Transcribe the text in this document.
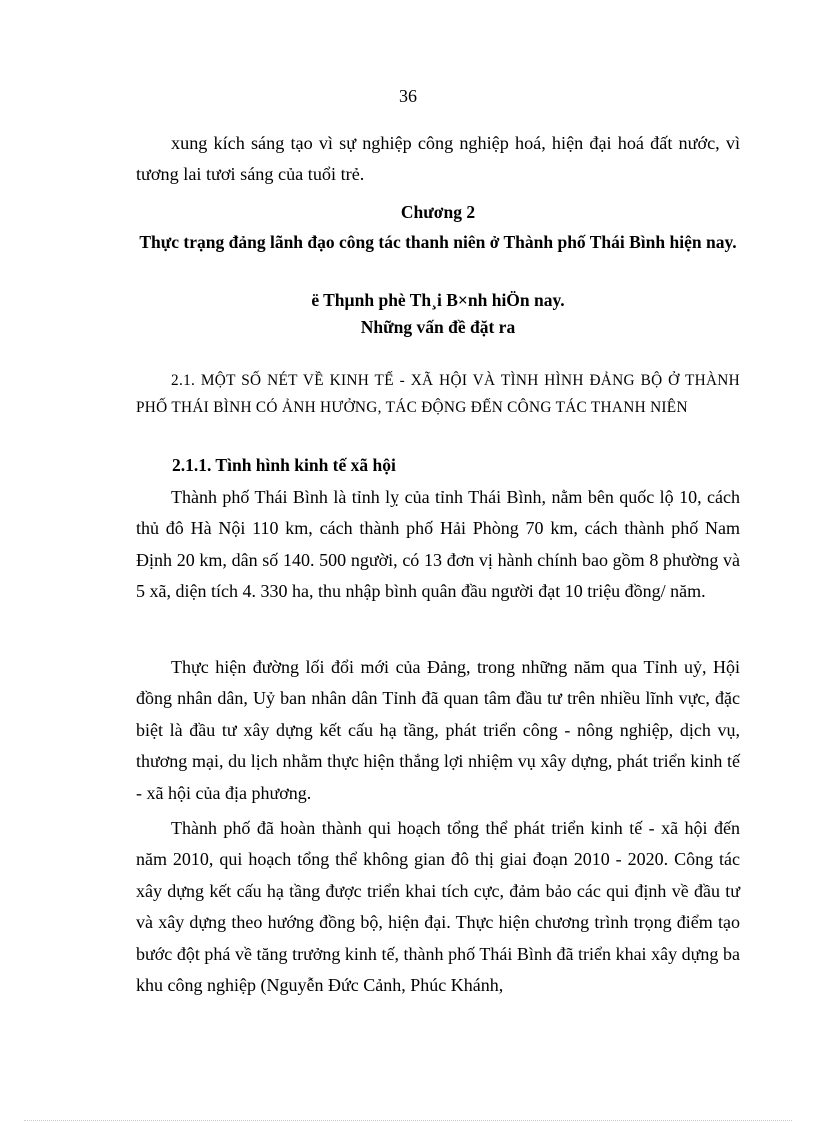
36

xung kích sáng tạo vì sự nghiệp công nghiệp hoá, hiện đại hoá đất nước, vì tương lai tươi sáng của tuổi trẻ.

Chương 2
Thực trạng đảng lãnh đạo công tác thanh niên ở Thành phố Thái Bình hiện nay.
ë Thµnh phè Th¸i B×nh hiÖn nay.
Những vấn đề đặt ra

2.1. MỘT SỐ NÉT VỀ KINH TẾ - XÃ HỘI VÀ TÌNH HÌNH ĐẢNG BỘ Ở THÀNH PHỐ THÁI BÌNH CÓ ẢNH HƯỞNG, TÁC ĐỘNG ĐẾN CÔNG TÁC THANH NIÊN

2.1.1. Tình hình kinh tế xã hội

Thành phố Thái Bình là tỉnh lỵ của tỉnh Thái Bình, nằm bên quốc lộ 10, cách thủ đô Hà Nội 110 km, cách thành phố Hải Phòng 70 km, cách thành phố Nam Định 20 km, dân số 140. 500 người, có 13 đơn vị hành chính bao gồm 8 phường và 5 xã, diện tích 4. 330 ha, thu nhập bình quân đầu người đạt 10 triệu đồng/ năm.

Thực hiện đường lối đổi mới của Đảng, trong những năm qua Tỉnh uỷ, Hội đồng nhân dân, Uỷ ban nhân dân Tỉnh đã quan tâm đầu tư trên nhiều lĩnh vực, đặc biệt là đầu tư xây dựng kết cấu hạ tầng, phát triển công - nông nghiệp, dịch vụ, thương mại, du lịch nhằm thực hiện thắng lợi nhiệm vụ xây dựng, phát triển kinh tế - xã hội của địa phương.

Thành phố đã hoàn thành qui hoạch tổng thể phát triển kinh tế - xã hội đến năm 2010, qui hoạch tổng thể không gian đô thị giai đoạn 2010 - 2020. Công tác xây dựng kết cấu hạ tầng được triển khai tích cực, đảm bảo các qui định về đầu tư và xây dựng theo hướng đồng bộ, hiện đại. Thực hiện chương trình trọng điểm tạo bước đột phá về tăng trưởng kinh tế, thành phố Thái Bình đã triển khai xây dựng ba khu công nghiệp (Nguyễn Đức Cảnh, Phúc Khánh,
